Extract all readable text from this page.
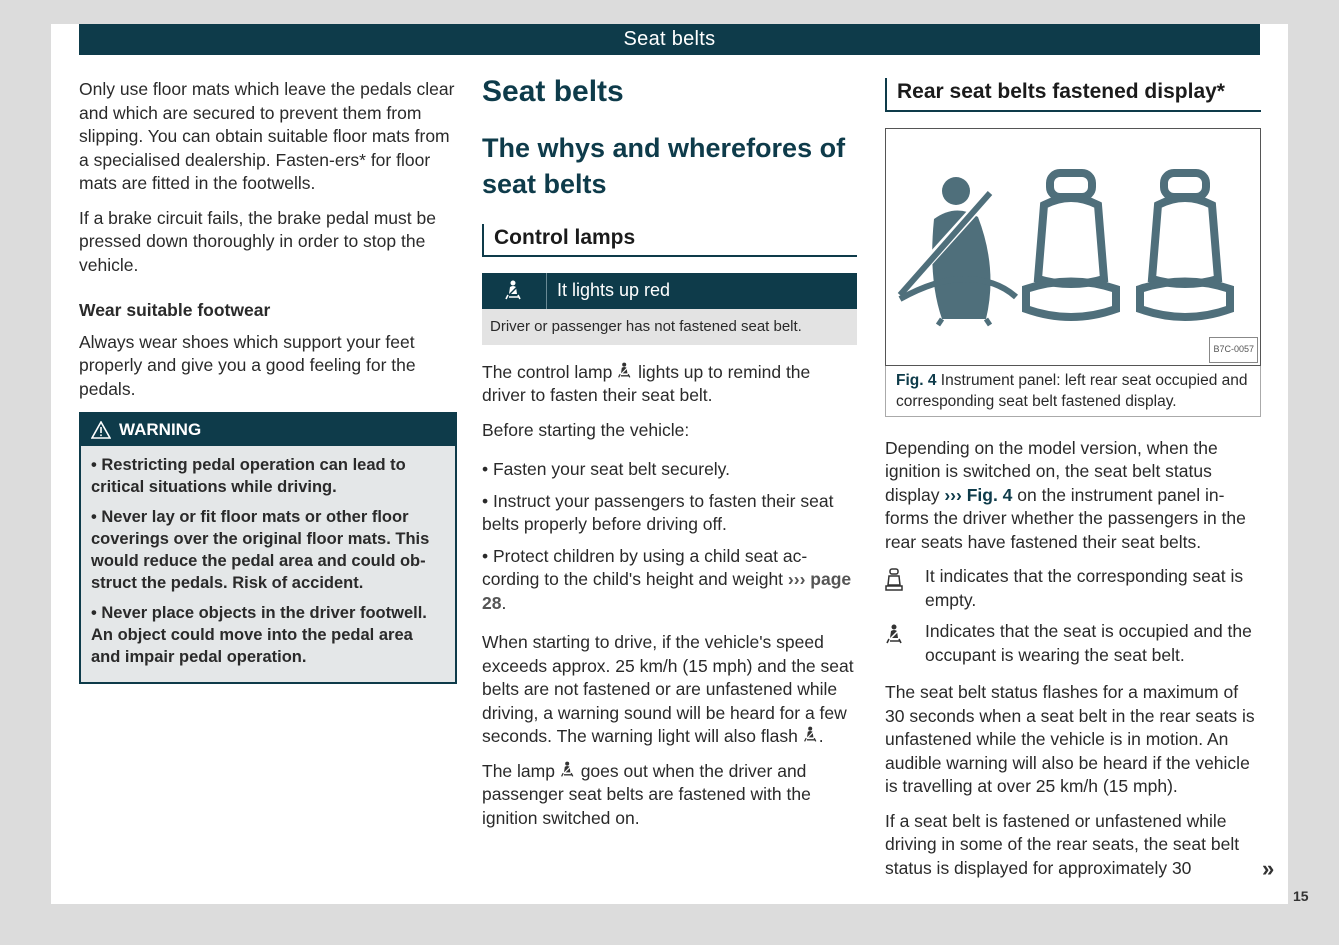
Seat belts

Only use floor mats which leave the pedals clear and which are secured to prevent them from slipping. You can obtain suitable floor mats from a specialised dealership. Fasten-ers* for floor mats are fitted in the footwells.

If a brake circuit fails, the brake pedal must be pressed down thoroughly in order to stop the vehicle.

Wear suitable footwear

Always wear shoes which support your feet properly and give you a good feeling for the pedals.

WARNING
• Restricting pedal operation can lead to critical situations while driving.
• Never lay or fit floor mats or other floor coverings over the original floor mats. This would reduce the pedal area and could ob-struct the pedals. Risk of accident.
• Never place objects in the driver footwell. An object could move into the pedal area and impair pedal operation.
Seat belts
The whys and wherefores of seat belts
Control lamps
It lights up red
Driver or passenger has not fastened seat belt.

The control lamp lights up to remind the driver to fasten their seat belt.

Before starting the vehicle:

• Fasten your seat belt securely.
• Instruct your passengers to fasten their seat belts properly before driving off.
• Protect children by using a child seat ac-cording to the child's height and weight ››› page 28.

When starting to drive, if the vehicle's speed exceeds approx. 25 km/h (15 mph) and the seat belts are not fastened or are unfastened while driving, a warning sound will be heard for a few seconds. The warning light will also flash .

The lamp goes out when the driver and passenger seat belts are fastened with the ignition switched on.

Rear seat belts fastened display*
B7C-0057
Fig. 4 Instrument panel: left rear seat occupied and corresponding seat belt fastened display.

Depending on the model version, when the ignition is switched on, the seat belt status display ››› Fig. 4 on the instrument panel in-forms the driver whether the passengers in the rear seats have fastened their seat belts.

It indicates that the corresponding seat is empty.
Indicates that the seat is occupied and the occupant is wearing the seat belt.

The seat belt status flashes for a maximum of 30 seconds when a seat belt in the rear seats is unfastened while the vehicle is in motion. An audible warning will also be heard if the vehicle is travelling at over 25 km/h (15 mph).

If a seat belt is fastened or unfastened while driving in some of the rear seats, the seat belt status is displayed for approximately 30	»
15
